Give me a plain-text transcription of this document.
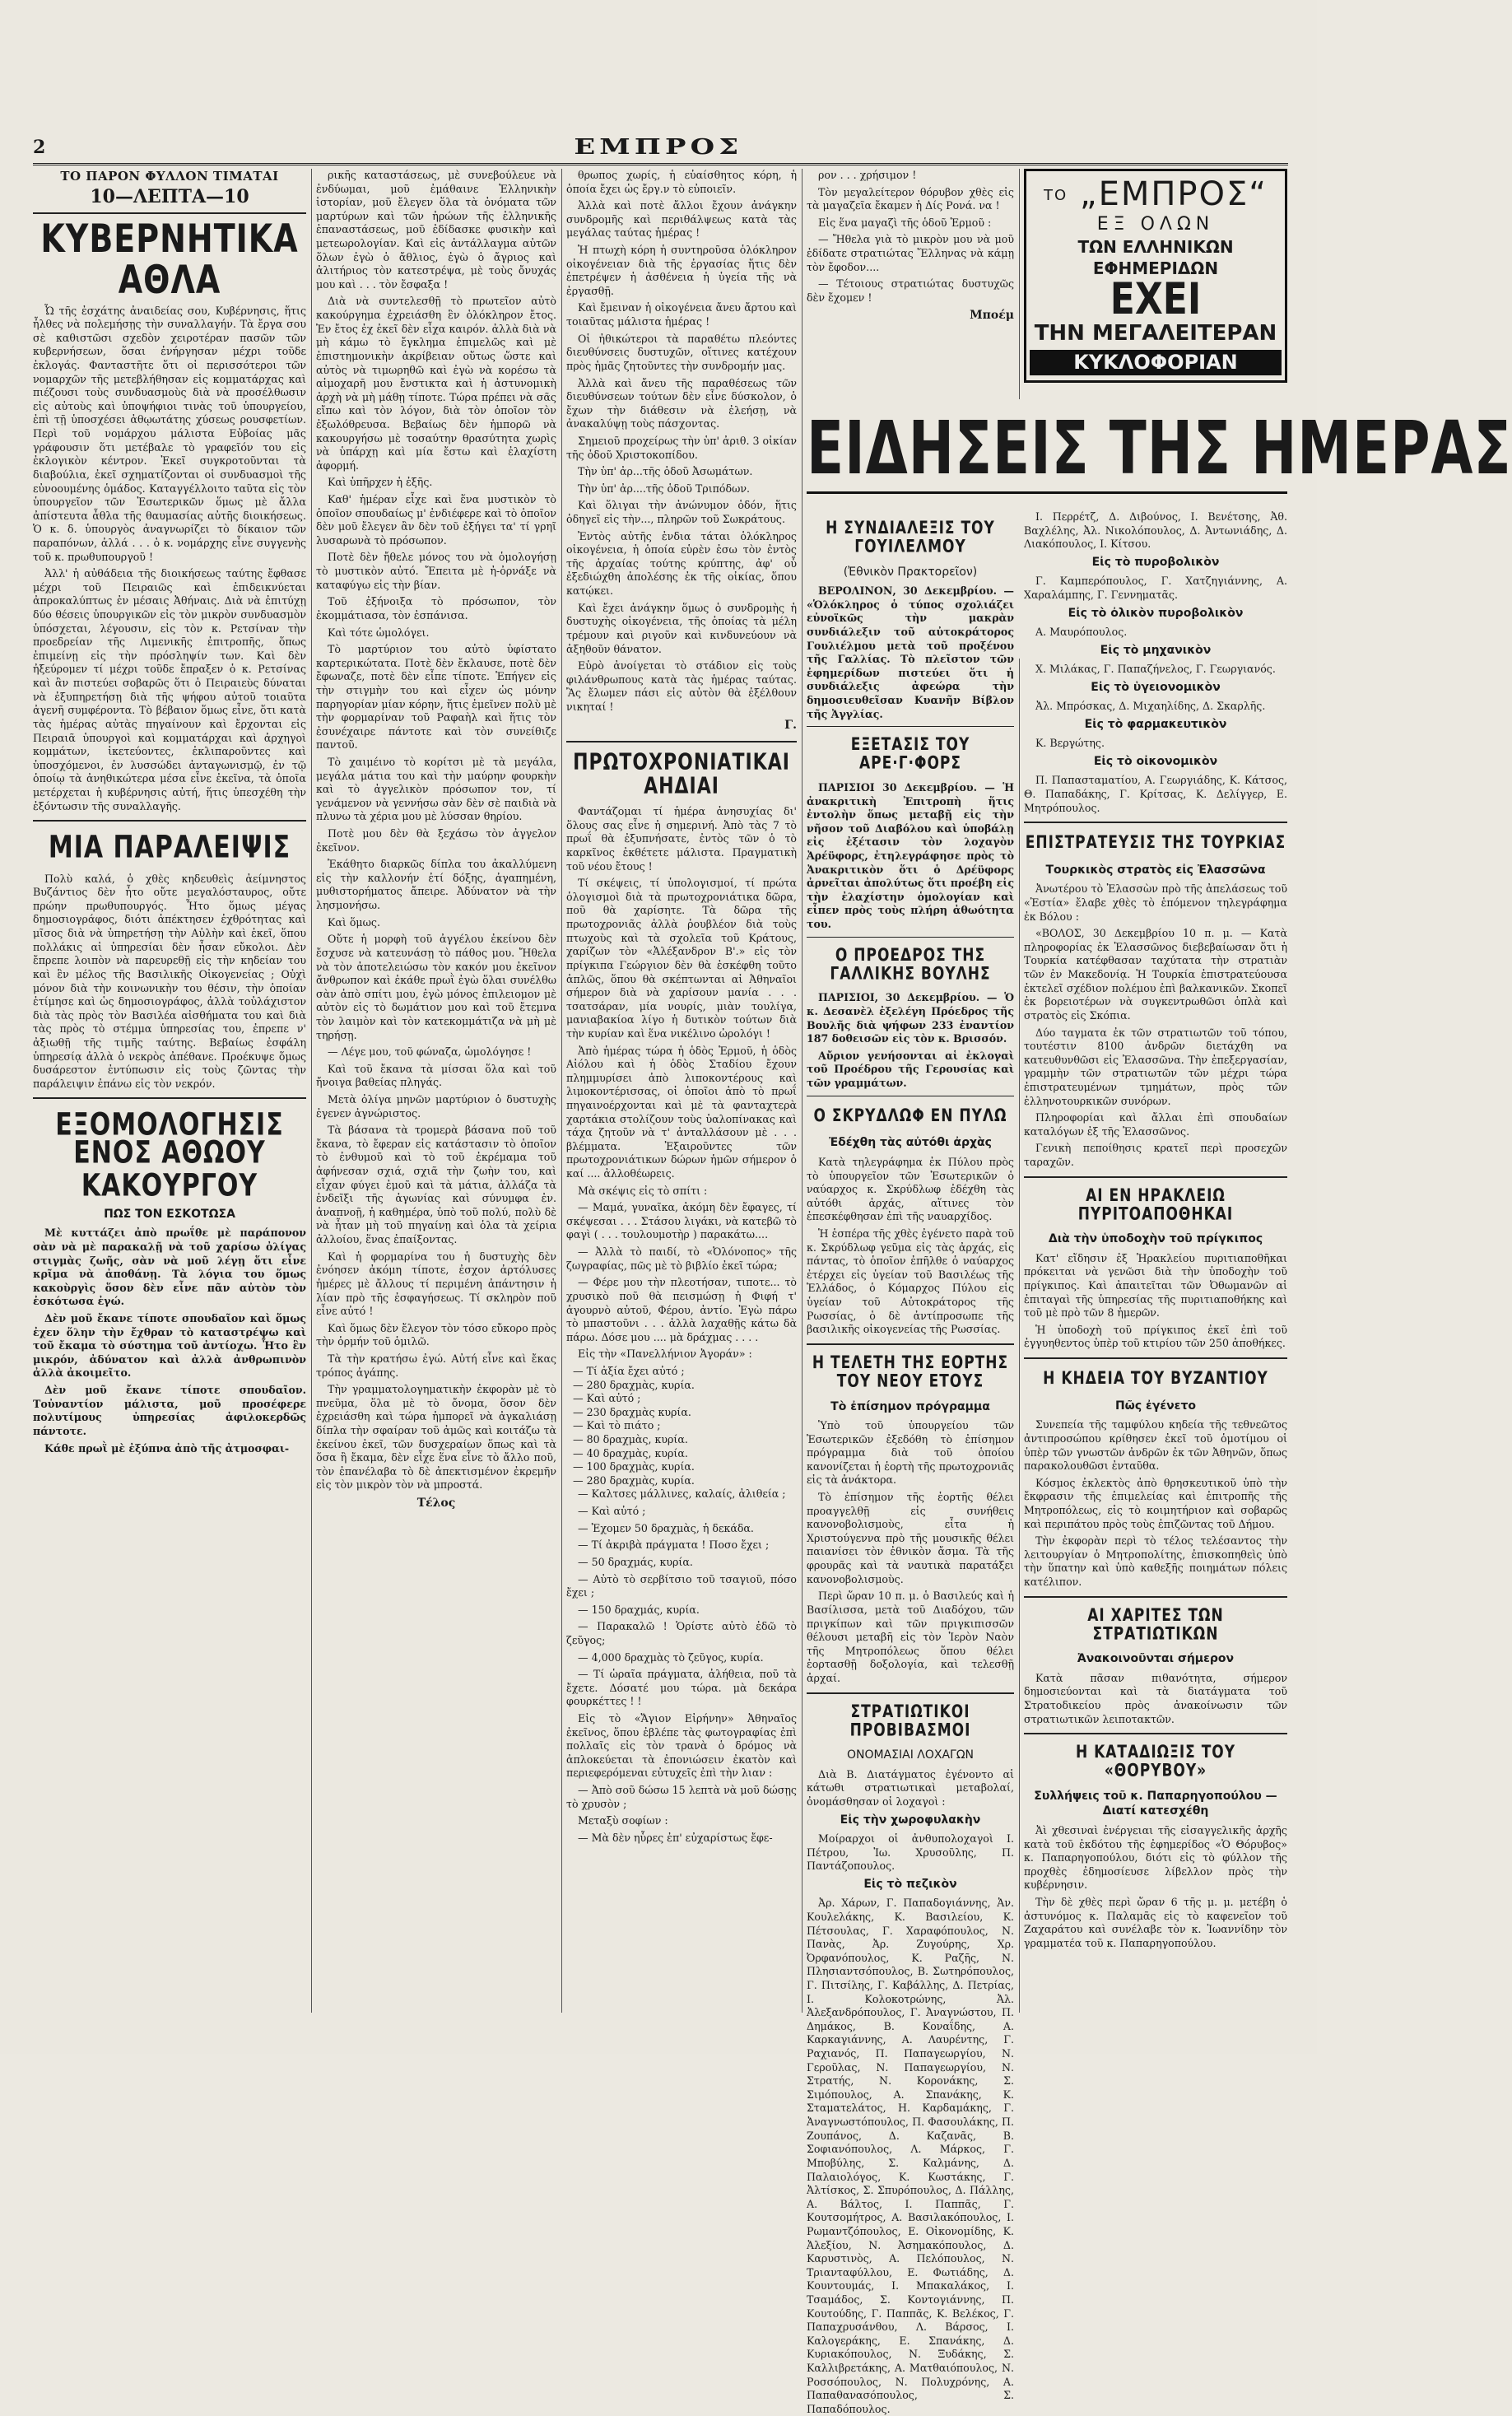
2	ΕΜΠΡΟΣ
ΤΟ ΠΑΡΟΝ ΦΥΛΛΟΝ ΤΙΜΑΤΑΙ
10—ΛΕΠΤΑ—10
ΚΥΒΕΡΝΗΤΙΚΑ ΑΘΛΑ

Ὦ τῆς ἐσχάτης ἀναιδείας σου, Κυβέρνησις, ἥτις ἦλθες νὰ πολεμήσῃς τὴν συναλλαγήν. Τὰ ἔργα σου σὲ καθιστῶσι σχεδὸν χειροτέραν πασῶν τῶν κυβερνήσεων, ὅσαι ἐνήργησαν μέχρι τοῦδε ἐκλογάς. Φανταστῆτε ὅτι οἱ περισσότεροι τῶν νομαρχῶν τῆς μετεβλήθησαν εἰς κομματάρχας καὶ πιέζουσι τοὺς συνδυασμοὺς διὰ νὰ προσέλθωσιν εἰς αὐτοὺς καὶ ὑποψήφιοι τινὰς τοῦ ὑπουργείου, ἐπὶ τῇ ὑποσχέσει ἀθῳωτάτης χύσεως ρουσφετίων. Περὶ τοῦ νομάρχου μάλιστα Εὐβοίας μᾶς γράφουσιν ὅτι μετέβαλε τὸ γραφεῖόν του εἰς ἐκλογικὸν κέντρον. Ἐκεῖ συγκροτοῦνται τὰ διαβούλια, ἐκεῖ σχηματίζονται οἱ συνδυασμοὶ τῆς εὐνοουμένης ὁμάδος. Καταγγέλλοιτο ταῦτα εἰς τὸν ὑπουργεῖον τῶν Ἐσωτερικῶν ὅμως μὲ ἄλλα ἀπίστευτα ἆθλα τῆς θαυμασίας αὐτῆς διοικήσεως. Ὁ κ. δ. ὑπουργὸς ἀναγνωρίζει τὸ δίκαιον τῶν παραπόνων, ἀλλά . . . ὁ κ. νομάρχης εἶνε συγγενὴς τοῦ κ. πρωθυπουργοῦ !

Ἀλλ' ἡ αὐθάδεια τῆς διοικήσεως ταύτης ἔφθασε μέχρι τοῦ Πειραιῶς καὶ ἐπιδεικνύεται ἀπροκαλύπτως ἐν μέσαις Ἀθήναις. Διὰ νὰ ἐπιτύχῃ δύο θέσεις ὑπουργικῶν εἰς τὸν μικρὸν συνδυασμὸν ὑπόσχεται, λέγουσιν, εἰς τὸν κ. Ρετσίναν τὴν προεδρείαν τῆς Λιμενικῆς ἐπιτροπῆς, ὅπως ἐπιμείνῃ εἰς τὴν πρόσληψίν των. Καὶ δὲν ἠξεύρομεν τί μέχρι τοῦδε ἔπραξεν ὁ κ. Ρετσίνας καὶ ἂν πιστεύει σοβαρῶς ὅτι ὁ Πειραιεὺς δύναται νὰ ἐξυπηρετήσῃ διὰ τῆς ψήφου αὐτοῦ τοιαῦτα ἀγενῆ συμφέροντα. Τὸ βέβαιον ὅμως εἶνε, ὅτι κατὰ τὰς ἡμέρας αὐτὰς πηγαίνουν καὶ ἔρχονται εἰς Πειραιᾶ ὑπουργοὶ καὶ κομματάρχαι καὶ ἀρχηγοὶ κομμάτων, ἱκετεύοντες, ἐκλιπαροῦντες καὶ ὑποσχόμενοι, ἐν λυσσώδει ἀνταγωνισμῷ, ἐν τῷ ὁποίῳ τὰ ἀνηθικώτερα μέσα εἶνε ἐκεῖνα, τὰ ὁποῖα μετέρχεται ἡ κυβέρνησις αὐτή, ἥτις ὑπεσχέθη τὴν ἐξόντωσιν τῆς συναλλαγῆς.

ΜΙΑ ΠΑΡΑΛΕΙΨΙΣ

Πολὺ καλά, ὁ χθὲς κηδευθεὶς ἀείμνηστος Βυζάντιος δὲν ἦτο οὔτε μεγαλόσταυρος, οὔτε πρώην πρωθυπουργός. Ἦτο ὅμως μέγας δημοσιογράφος, διότι ἀπέκτησεν ἐχθρότητας καὶ μῖσος διὰ νὰ ὑπηρετήσῃ τὴν Αὐλὴν καὶ ἐκεῖ, ὅπου πολλάκις αἱ ὑπηρεσίαι δὲν ἦσαν εὔκολοι. Δὲν ἔπρεπε λοιπὸν νὰ παρευρεθῇ εἰς τὴν κηδείαν του καὶ ἓν μέλος τῆς Βασιλικῆς Οἰκογενείας ; Οὐχὶ μόνον διὰ τὴν κοινωνικὴν του θέσιν, τὴν ὁποίαν ἐτίμησε καὶ ὡς δημοσιογράφος, ἀλλὰ τοὐλάχιστον διὰ τὰς πρὸς τὸν Βασιλέα αἰσθήματα του καὶ διὰ τὰς πρὸς τὸ στέμμα ὑπηρεσίας του, ἐπρεπε ν' ἀξιωθῇ τῆς τιμῆς ταύτης. Βεβαίως ἐσφάλη ὑπηρεσίᾳ ἀλλὰ ὁ νεκρὸς ἀπέθανε. Προέκυψε ὅμως δυσάρεστον ἐντύπωσιν εἰς τοὺς ζῶντας τὴν παράλειψιν ἐπάνω εἰς τὸν νεκρόν.

ΕΞΟΜΟΛΟΓΗΣΙΣ
ΕΝΟΣ ΑΘΩΟΥ ΚΑΚΟΥΡΓΟΥ
ΠΩΣ ΤΟΝ ΕΣΚΟΤΩΣΑ

Μὲ κυττάζει ἀπὸ πρωΐθε μὲ παράπονον σὰν νὰ μὲ παρακαλῇ νὰ τοῦ χαρίσω ὀλίγας στιγμὰς ζωῆς, σὰν νὰ μοῦ λέγῃ ὅτι εἶνε κρῖμα νὰ ἀποθάνῃ. Τὰ λόγια του ὅμως κακοὺργὶς ὅσον δὲν εἶνε πᾶν αὐτὸν τὸν ἐσκότωσα ἐγώ.

Δὲν μοῦ ἔκανε τίποτε σπουδαῖον καὶ ὅμως ἐχεν ὅλην τὴν ἔχθραν τὸ καταστρέψω καὶ τοῦ ἔκαμα τὸ σύστημα τοῦ ἀντίοχω. Ἦτο ἓν μικρόν, ἀδύνατον καὶ ἀλλὰ ἀνθρωπινὸν ἀλλὰ ἀκοιμεῖτο.

Δὲν μοῦ ἔκανε τίποτε σπουδαῖον. Τοὐναντίον μάλιστα, μοῦ προσέφερε πολυτίμους ὑπηρεσίας ἀφιλοκερδῶς πάντοτε.

Κάθε πρωῒ μὲ ἐξύπνα ἀπὸ τῆς ἀτμοσφαι-

ρικῆς καταστάσεως, μὲ συνεβούλευε νὰ ἐνδύωμαι, μοῦ ἐμάθαινε Ἑλληνικὴν ἱστορίαν, μοῦ ἔλεγεν ὅλα τὰ ὀνόματα τῶν μαρτύρων καὶ τῶν ἡρώων τῆς ἑλληνικῆς ἐπαναστάσεως, μοῦ ἐδίδασκε φυσικὴν καὶ μετεωρολογίαν. Καὶ εἰς ἀντάλλαγμα αὐτῶν ὅλων ἐγὼ ὁ ἄθλιος, ἐγὼ ὁ ἄγριος καὶ ἀλιτήριος τὸν κατεστρέψα, μὲ τοὺς ὄνυχάς μου καὶ . . . τὸν ἔσφαξα !

Διὰ νὰ συντελεσθῇ τὸ πρωτεῖον αὐτὸ κακούργημα ἐχρειάσθη ἓν ὁλόκληρον ἔτος. Ἐν ἔτος ἐχ ἐκεῖ δὲν εἶχα καιρόν. ἀλλὰ διὰ νὰ μὴ κάμω τὸ ἔγκλημα ἐπιμελῶς καὶ μὲ ἐπιστημονικὴν ἀκρίβειαν οὕτως ὥστε καὶ αὐτὸς νὰ τιμωρηθῶ καὶ ἐγὼ νὰ κορέσω τὰ αἱμοχαρῆ μου ἔνστικτα καὶ ἡ ἀστυνομικὴ ἀρχὴ νὰ μὴ μάθῃ τίποτε. Τώρα πρέπει νὰ σᾶς εἴπω καὶ τὸν λόγον, διὰ τὸν ὁποῖον τὸν ἐξωλόθρευσα. Βεβαίως δὲν ἡμπορῶ νὰ κακουργήσω μὲ τοσαύτην θρασύτητα χωρὶς νὰ ὑπάρχῃ καὶ μία ἔστω καὶ ἐλαχίστη ἀφορμή.

Καὶ ὑπῆρχεν ἡ ἐξῆς.

Καθ' ἡμέραν εἶχε καὶ ἕνα μυστικὸν τὸ ὁποῖον σπουδαίως μ' ἐνδιέφερε καὶ τὸ ὁποῖον δὲν μοῦ ἔλεγεν ἂν δὲν τοῦ ἐξήγει τα' τί γρηῖ λυσαρωνὰ τὸ πρόσωπον.

Ποτὲ δὲν ἤθελε μόνος του νὰ ὁμολογήσῃ τὸ μυστικὸν αὐτό. Ἔπειτα μὲ ἠ-ὀρνάξε νὰ καταφύγω εἰς τὴν βίαν.

Τοῦ ἐξήνοιξα τὸ πρόσωπον, τὸν ἐκομμάτιασα, τὸν ἐσπάνισα.

Καὶ τότε ὡμολόγει.

Τὸ μαρτύριον του αὐτὸ ὑφίστατο καρτερικώτατα. Ποτὲ δὲν ἔκλαυσε, ποτὲ δὲν ἔφωναζε, ποτὲ δὲν εἶπε τίποτε. Ἐπήγεν εἰς τὴν στιγμὴν του καὶ εἶχεν ὡς μόνην παρηγορίαν μίαν κόρην, ἥτις ἐμεῖνεν πολὺ μὲ τὴν φορμαρίναν τοῦ Ραφαὴλ καὶ ἥτις τὸν ἐσυνέχαιρε πάντοτε καὶ τὸν συνείθιζε παντοῦ.

Τὸ χαιμέινο τὸ κορίτσι μὲ τὰ μεγάλα, μεγάλα μάτια του καὶ τὴν μαύρην φουρκὴν καὶ τὸ ἀγγελικὸν πρόσωπον τον, τί γενάμενον νὰ γεννήσω σὰν δὲν σὲ παιδιὰ νὰ πλυνω τὰ χέρια μου μὲ λύσσαν θηρίου.

Ποτὲ μου δὲν θὰ ξεχάσω τὸν ἀγγελον ἐκεῖνον.

Ἐκάθητο διαρκῶς δίπλα του ἀκαλλύμενη εἰς τὴν καλλονήν ἐτί δόξης, ἀγαπημένη, μυθιστορήματος ἄπειρε. Ἀδύνατον νὰ τὴν λησμονήσω.

Καὶ ὅμως.

Οὔτε ἡ μορφὴ τοῦ ἀγγέλου ἐκείνου δὲν ἔσχυσε νὰ κατευνάσῃ τὸ πάθος μου. Ἤθελα νὰ τὸν ἀποτελειώσω τὸν κακόν μου ἐκεῖνον ἄνθρωπον καὶ ἐκάθε πρωῒ ἐγὼ ὅλαι συνέλθω σὰν ἀπὸ σπίτι μου, ἐγὼ μόνος ἐπιλειομον μὲ αὐτὸν εἰς τὸ δωμάτιον μου καὶ τοῦ ἔτεμνα τὸν λαιμὸν καὶ τὸν κατεκομμάτιζα νὰ μὴ μὲ τηρήσῃ.

— Λέγε μου, τοῦ φώναζα, ὡμολόγησε !

Καὶ τοῦ ἔκανα τὰ μίσσαι ὅλα καὶ τοῦ ἤνοιγα βαθείας πληγάς.

Μετὰ ὀλίγα μηνῶν μαρτύριον ὁ δυστυχὴς ἐγενεν ἀγνώριστος.

Τὰ βάσανα τὰ τρομερὰ βάσανα ποῦ τοῦ ἔκανα, τὸ ἔφεραν εἰς κατάστασιν τὸ ὁποῖον τὸ ἐνθυμοῦ καὶ τὸ τοῦ ἐκρέμαμα τοῦ ἀφήνεσαν σχιά, σχιᾶ τὴν ζωὴν του, καὶ εἶχαν φύγει ἐμοῦ καὶ τὰ μάτια, ἀλλάζα τὰ ἐνδεῖξι τῆς ἀγωνίας καὶ σύνυμφα ἐν. ἀναπνοῇ, ἡ καθημέρα, ὑπὸ τοῦ πολύ, πολὺ δὲ νὰ ἦταν μὴ τοῦ πηγαίνῃ καὶ ὁλα τὰ χείρια ἀλλοίου, ἕνας ἐπαίξοντας.

Καὶ ἡ φορμαρίνα του ἡ δυστυχὴς δὲν ἐνόησεν ἀκόμη τίποτε, ἐσχον ἀρτόλυσες ἡμέρες μὲ ἄλλους τί περιμένη ἀπάντησιν ἡ λίαν πρὸ τῆς ἐσφαγήσεως. Τί σκληρὸν ποῦ εἶνε αὐτό !

Καὶ ὅμως δὲν ἔλεγον τὸν τόσο εὔκορο πρὸς τὴν ὁρμήν τοῦ ὁμιλῶ.

Τὰ τὴν κρατήσω ἐγώ. Αὐτή εἶνε καὶ ἔκας τρόπος ἀγάπης.

Τὴν γραμματολογηματικὴν ἐκφορὰν μὲ τὸ πνεῦμα, ὅλα μὲ τὸ ὄνομα, ὅσον δὲν ἐχρειάσθη καὶ τώρα ἡμπορεῖ νὰ ἀγκαλιάσῃ δίπλα τὴν σφαίραν τοῦ ἀμῶς καὶ κοιτάζω τὰ ἐκείνου ἐκεῖ, τῶν δυσχεραίων ὅπως καὶ τὰ ὅσα ἢ ἔκαμα, δὲν εἶχε ἕνα εἶνε τὸ ἄλλο ποῦ, τὸν ἐπανέλαβα τὸ δὲ ἀπεκτισμένον ἐκρεμῆν εἰς τὸν μικρὸν τὸν νὰ μπροστά.

Τέλος

θρωπος χωρίς, ἡ εὐαίσθητος κόρη, ἡ ὁποία ἔχει ὡς ἔργ.ν τὸ εὐποιεῖν.

Ἀλλὰ καὶ ποτὲ ἄλλοι ἔχουν ἀνάγκην συνδρομῆς καὶ περιθάλψεως κατὰ τὰς μεγάλας ταύτας ἡμέρας !

Ἡ πτωχὴ κόρη ἡ συντηροῦσα ὁλόκληρον οἰκογένειαν διὰ τῆς ἐργασίας ἥτις δὲν ἐπετρέψεν ἡ ἀσθένεια ἡ ὑγεία τῆς νὰ ἐργασθῇ.

Καὶ ἔμειναν ἡ οἰκογένεια ἄνευ ἄρτου καὶ τοιαῦτας μάλιστα ἡμέρας !

Οἱ ἠθικώτεροι τὰ παραθέτω πλεόντες διευθύνσεις δυστυχῶν, οἵτινες κατέχουν πρὸς ἡμᾶς ζητοῦντες τὴν συνδρομήν μας.

Ἀλλὰ καὶ ἄνευ τῆς παραθέσεως τῶν διευθύνσεων τούτων δὲν εἶνε δύσκολον, ὁ ἔχων τὴν διάθεσιν νὰ ἐλεήσῃ, νὰ ἀνακαλύψῃ τοὺς πάσχοντας.

Σημειοῦ προχείρως τὴν ὑπ' ἀριθ. 3 οἰκίαν τῆς ὁδοῦ Χριστοκοπίδου.

Τὴν ὑπ' ἀρ...τῆς ὁδοῦ Ἀσωμάτων.

Τὴν ὑπ' ἀρ....τῆς ὁδοῦ Τριπόδων.

Καὶ ὅλιγαι τὴν ἀνώνυμον ὁδόν, ἥτις ὁδηγεῖ εἰς τὴν..., πληρῶν τοῦ Σωκράτους.

Ἐντὸς αὐτῆς ἐνδια τάται ὁλόκληρος οἰκογένεια, ἡ ὁποία εὑρὲν ἐσω τὸν ἐντὸς τῆς ἀρχαίας τούτης κρύπτης, ἀφ' οὗ ἐξεδιώχθη ἀπολέσης ἐκ τῆς οἰκίας, ὅπου κατῴκει.

Καὶ ἔχει ἀνάγκην ὅμως ὁ συνδρομὴς ἡ δυστυχὴς οἰκογένεια, τῆς ὁποίας τὰ μέλη τρέμουν καὶ ριγοῦν καὶ κινδυνεύουν νὰ ἀξηθοῦν θάνατον.

Εὑρὸ ἀνοίγεται τὸ στάδιον εἰς τοὺς φιλάνθρωπους κατὰ τὰς ἡμέρας ταύτας. Ἂς ἔλωμεν πάσι εἰς αὐτὸν θὰ ἐξέλθουν νικηταί !

Γ.
ΠΡΩΤΟΧΡΟΝΙΑΤΙΚΑΙ ΑΗΔΙΑΙ

Φαντάζομαι τί ἡμέρα ἀνησυχίας δι' ὅλους σας εἶνε ἡ σημερινή. Ἀπὸ τὰς 7 τὸ πρωΐ θὰ ἐξυπνήσατε, ἐντὸς τῶν ὁ τὸ καρκῖνος ἐκθέτετε μάλιστα. Πραγματικὴ τοῦ νέου ἔτους !

Τί σκέψεις, τί ὑπολογισμοί, τί πρώτα ὁλογισμοὶ διὰ τὰ πρωτοχρονιάτικα δῶρα, ποῦ θὰ χαρίσητε. Τὰ δῶρα τῆς πρωτοχρονιᾶς ἀλλὰ ῥουβλέον διὰ τοὺς πτωχοὺς καὶ τὰ σχολεῖα τοῦ Κράτους, χαρίζων τὸν «Ἀλέξανδρον Β'.» εἰς τὸν πρίγκιπα Γεώργιον δὲν θὰ ἐσκέφθη τοῦτο ἀπλῶς, ὅπου θὰ σκέπτωνται αἱ Ἀθηναῖοι σήμερον διὰ νὰ χαρίσουν μανία . . . τσατσάραν, μία νουρίς, μιὰν τουλίγα, μανιαβακίοα λίγο ἡ δυτικὸν τούτων διὰ τὴν κυρίαν καὶ ἕνα νικέλινο ὠρολόγι !

Ἀπὸ ἡμέρας τώρα ἡ ὁδὸς Ἑρμοῦ, ἡ ὁδὸς Αἰόλου καὶ ἡ ὁδὸς Σταδίου ἔχουν πλημμυρίσει ἀπὸ λιποκοντέρους καὶ λιμοκοντέρισσας, οἱ ὁποῖοι ἀπὸ τὸ πρωΐ πηγαινοέρχονται καὶ μὲ τὰ φανταχτερὰ χαρτάκια στολίζουν τοὺς ὑαλοπίνακας καὶ τάχα ζητοῦν νὰ τ' ἀνταλλάσουν μὲ . . . βλέμματα. Ἐξαιροῦντες τῶν πρωτοχρονιάτικων δώρων ἡμῶν σήμερον ὁ καί .... ἀλλοθέωρεις.

Μὰ σκέψις εἰς τὸ σπίτι :

— Μαμά, γυναῖκα, ἀκόμη δὲν ἔφαγες, τί σκέψεσαι . . . Στάσου λιγάκι, νὰ κατεβῶ τὸ φαγὶ ( . . . τουλουμοτὴρ ) παρακάτω....

— Ἀλλὰ τὸ παιδί, τὸ «Ὀλόνοπος» τῆς ζωγραφίας, πῶς μὲ τὸ βιβλίο ἐκεῖ τώρα;

— Φέρε μου τὴν πλεοτήσαν, τιποτε... τὸ χρυσικὸ ποῦ θὰ πεισμώσῃ ἡ Φιφή τ' ἀγουρνὸ αὐτοῦ, Φέρου, ἀντίο. Ἐγὼ πάρω τὸ μπαστοῦνι . . . ἀλλὰ λαχαθῇς κάτω δὰ πάρω. Δόσε μου .... μὰ δράχμας . . . .

Εἰς τὴν «Πανελλήνιον Ἀγοράν» :

— Τί ἀξία ἔχει αὐτό ;
— 280 δραχμὰς, κυρία.
— Καὶ αὐτό ;
— 230 δραχμὰς κυρία.
— Καὶ τὸ πιάτο ;
— 80 δραχμὰς, κυρία.
— 40 δραχμὰς, κυρία.
— 100 δραχμὰς, κυρία.
— 280 δραχμὰς, κυρία.

— Καλτσες μάλλινες, καλαίς, ἀλιθεία ;

— Καὶ αὐτό ;

— Ἐχομεν 50 δραχμὰς, ἡ δεκάδα.

— Τί ἀκριβὰ πράγματα ! Ποσο ἔχει ;

— 50 δραχμάς, κυρία.

— Αὐτὸ τὸ σερβίτσιο τοῦ τσαγιοῦ, πόσο ἔχει ;

— 150 δραχμάς, κυρία.

— Παρακαλῶ ! Ὁρίστε αὐτὸ ἐδῶ τὸ ζεῦγος;

— 4,000 δραχμὰς τὸ ζεῦγος, κυρία.

— Τί ὡραῖα πράγματα, ἀλήθεια, ποῦ τὰ ἔχετε. Δόσατέ μου τώρα. μὰ δεκάρα φουρκέττες ! !

Εἰς τὸ «Ἄγιον Εἰρήνην» Ἀθηναῖος ἐκεῖνος, ὅπου ἐβλέπε τὰς φωτογραφίας ἐπὶ πολλαῖς εἰς τὸν τρανὰ ὁ δρόμος νὰ ἀπλοκεύεται τὰ ἐπονιώσειν ἐκατὸν καὶ περιεφερόμεναι εὐτυχεῖς ἐπὶ τὴν λιαν :

— Ἀπὸ σοῦ δώσω 15 λεπτὰ νὰ μοῦ δώσῃς τὸ χρυσὸν ;

Μεταξὺ σοφίων :

— Μὰ δὲν ηὗρες ἐπ' εὐχαρίστως ἔφε-

ρον . . . χρήσιμον !

Τὸν μεγαλείτερον θόρυβον χθὲς εἰς τὰ μαγαζεῖα ἔκαμεν ἡ Δίς Ρονά. να !

Εἰς ἕνα μαγαζὶ τῆς ὁδοῦ Ἑρμοῦ :

— Ἤθελα γιὰ τὸ μικρὸν μου νὰ μοῦ ἐδίδατε στρατιώτας Ἕλληνας νὰ κάμῃ τὸν ἔφοδον....

— Τέτοιους στρατιώτας δυστυχῶς δὲν ἔχομεν !

Μποέμ
ΤΟ „ΕΜΠΡΟΣ“
ΕΞ ΟΛΩΝ
ΤΩΝ ΕΛΛΗΝΙΚΩΝ ΕΦΗΜΕΡΙΔΩΝ
ΕΧΕΙ
ΤΗΝ ΜΕΓΑΛΕΙΤΕΡΑΝ
ΚΥΚΛΟΦΟΡΙΑΝ
ΕΙΔΗΣΕΙΣ ΤΗΣ ΗΜΕΡΑΣ
Η ΣΥΝΔΙΑΛΕΞΙΣ ΤΟΥ ΓΟΥΙΛΕΛΜΟΥ
(Ἐθνικὸν Πρακτορεῖον)

ΒΕΡΟΛΙΝΟΝ, 30 Δεκεμβρίου. — «Ὁλόκληρος ὁ τύπος σχολιάζει εὐνοϊκῶς τὴν μακρὰν συνδιάλεξιν τοῦ αὐτοκράτορος Γουλιέλμου μετὰ τοῦ προξένου τῆς Γαλλίας. Τὸ πλεῖστον τῶν ἐφημερίδων πιστεύει ὅτι ἡ συνδιάλεξις ἀφεώρα τὴν δημοσιευθεῖσαν Κυανῆν Βίβλον τῆς Ἀγγλίας.

ΕΞΕΤΑΣΙΣ ΤΟΥ ΑΡΕ·Γ·ΦΟΡΣ

ΠΑΡΙΣΙΟΙ 30 Δεκεμβρίου. — Ἡ ἀνακριτικὴ Ἐπιτροπὴ ἥτις ἐντολὴν ὅπως μεταβῇ εἰς τὴν νῆσον τοῦ Διαβόλου καὶ ὑποβάλῃ εἰς ἐξέτασιν τὸν λοχαγὸν Ἀρέϋφορς, ἐτηλεγράφησε πρὸς τὸ Ἀνακριτικὸν ὅτι ὁ Δρέϋφορς ἀρνεῖται ἀπολύτως ὅτι προέβη εἰς τὴν ἐλαχίστην ὁμολογίαν καὶ εἶπεν πρὸς τοὺς πλήρη ἀθωότητα του.

Ο ΠΡΟΕΔΡΟΣ ΤΗΣ ΓΑΛΛΙΚΗΣ ΒΟΥΛΗΣ

ΠΑΡΙΣΙΟΙ, 30 Δεκεμβρίου. — Ὁ κ. Δεσανὲλ ἐξελέγη Πρόεδρος τῆς Βουλῆς διὰ ψήφων 233 ἐναντίον 187 δοθεισῶν εἰς τὸν κ. Βρισσόν.

Αὔριον γενήσονται αἱ ἐκλογαὶ τοῦ Προέδρου τῆς Γερουσίας καὶ τῶν γραμμάτων.

Ο ΣΚΡΥΔΛΩΦ ΕΝ ΠΥΛΩ
Ἐδέχθη τὰς αὐτόθι ἀρχὰς

Κατὰ τηλεγράφημα ἐκ Πύλου πρὸς τὸ ὑπουργεῖον τῶν Ἐσωτερικῶν ὁ ναύαρχος κ. Σκρύδλωφ ἐδέχθη τὰς αὐτόθι ἀρχάς, αἵτινες τὸν ἐπεσκέφθησαν ἐπὶ τῆς ναυαρχίδος.

Ἡ ἑσπέρα τῆς χθὲς ἐγένετο παρὰ τοῦ κ. Σκρύδλωφ γεῦμα εἰς τὰς ἀρχάς, εἰς πάντας, τὸ ὁποῖον ἐπῆλθε ὁ ναύαρχος ἐτέρχει εἰς ὑγείαν τοῦ Βασιλέως τῆς Ἑλλάδος, ὁ Κόμαρχος Πύλου εἰς ὑγείαν τοῦ Αὐτοκράτορος τῆς Ρωσσίας, ὁ δὲ ἀντίπροσωπε τῆς βασιλικῆς οἰκογενείας τῆς Ρωσσίας.

Η ΤΕΛΕΤΗ ΤΗΣ ΕΟΡΤΗΣ ΤΟΥ ΝΕΟΥ ΕΤΟΥΣ
Τὸ ἐπίσημον πρόγραμμα

Ὑπὸ τοῦ ὑπουργείου τῶν Ἐσωτερικῶν ἐξεδόθη τὸ ἐπίσημον πρόγραμμα διὰ τοῦ ὁποίου κανονίζεται ἡ ἑορτὴ τῆς πρωτοχρονιᾶς εἰς τὰ ἀνάκτορα.

Τὸ ἐπίσημον τῆς ἑορτῆς θέλει προαγγελθῇ εἰς συνήθεις κανονοβολισμοὺς, εἶτα ἡ Χριστούγεννα πρὸ τῆς μουσικῆς θέλει παιανίσει τὸν ἐθνικὸν ἄσμα. Τὰ τῆς φρουρᾶς καὶ τὰ ναυτικὰ παρατάξει κανονοβολισμοὺς.

Περὶ ὥραν 10 π. μ. ὁ Βασιλεύς καὶ ἡ Βασίλισσα, μετὰ τοῦ Διαδόχου, τῶν πριγκίπων καὶ τῶν πριγκιπισσῶν θέλουσι μεταβῆ εἰς τὸν Ἱερὸν Ναὸν τῆς Μητροπόλεως ὅπου θέλει ἑορτασθῇ δοξολογία, καὶ τελεσθῇ ἀρχαί.

ΣΤΡΑΤΙΩΤΙΚΟΙ ΠΡΟΒΙΒΑΣΜΟΙ
ΟΝΟΜΑΣΙΑΙ ΛΟΧΑΓΩΝ

Διὰ Β. Διατάγματος ἐγένοντο αἱ κάτωθι στρατιωτικαὶ μεταβολαί, ὀνομάσθησαν οἱ λοχαγοὶ :

Εἰς τὴν χωροφυλακὴν

Μοίραρχοι οἱ ἀνθυπολοχαγοὶ Ι. Πέτρου, Ἰω. Χρυσοῦλης, Π. Παντάζοπουλος.

Εἰς τὸ πεζικὸν

Ἀρ. Χάρων, Γ. Παπαδογιάννης, Ἀν. Κουλελάκης, Κ. Βασιλείου, Κ. Πέτσουλας, Γ. Χαραφόπουλος, Ν. Πανὰς, Ἀρ. Ζυγούρης, Χρ. Ὀρφανόπουλος, Κ. Ραζῆς, Ν. Πλησιαντσόπουλος, Β. Σωτηρόπουλος, Γ. Πιτσίλης, Γ. Καβάλλης, Δ. Πετρίας, Ι. Κολοκοτρώνης, Ἀλ. Ἀλεξανδρόπουλος, Γ. Ἀναγνώστου, Π. Δημάκος, Β. Κοναΐδης, Α. Καρκαγιάννης, Α. Λαυρέντης, Γ. Ραχιανός, Π. Παπαγεωργίου, Ν. Γεροῦλας, Ν. Παπαγεωργίου, Ν. Στρατής, Ν. Κορονάκης, Σ. Σιμόπουλος, Α. Σπανάκης, Κ. Σταματελάτος, Η. Καρδαμάκης, Γ. Ἀναγνωστόπουλος, Π. Φασουλάκης, Π. Ζουπάνος, Δ. Καζανᾶς, Β. Σοφιανόπουλος, Λ. Μάρκος, Γ. Μποβύλης, Σ. Καλμάνης, Δ. Παλαιολόγος, Κ. Κωστάκης, Γ. Ἀλτίσκος, Σ. Σπυρόπουλος, Δ. Πάλλης, Α. Βάλτος, Ι. Παππᾶς, Γ. Κουτσομήτρος, Α. Βασιλακόπουλος, Ι. Ρωμαντζόπουλος, Ε. Οἰκονομίδης, Κ. Ἀλεξίου, Ν. Ἀσημακόπουλος, Δ. Καρυστινὸς, Α. Πελόπουλος, Ν. Τριανταφύλλου, Ε. Φωτιάδης, Δ. Κουντουμάς, Ι. Μπακαλάκος, Ι. Τσαμάδος, Σ. Κοντογιάννης, Π. Κουτούδης, Γ. Παππᾶς, Κ. Βελέκος, Γ. Παπαχρυσάνθου, Λ. Βάρσος, Ι. Καλογεράκης, Ε. Σπανάκης, Δ. Κυριακόπουλος, Ν. Ξυδάκης, Σ. Καλλιβρετάκης, Α. Ματθαιόπουλος, Ν. Ροσσόπουλος, Ν. Πολυχρόνης, Α. Παπαθανασόπουλος, Σ. Παπαδόπουλος.

Ι. Περρέτζ, Δ. Διβούνος, Ι. Βενέτσης, Ἀθ. Βαχλέλης, Ἀλ. Νικολόπουλος, Δ. Ἀντωνιάδης, Δ. Λιακόπουλος, Ι. Κίτσου.

Εἰς τὸ πυροβολικὸν

Γ. Καμπερόπουλος, Γ. Χατζηγιάννης, Α. Χαραλάμπης, Γ. Γεννηματᾶς.

Εἰς τὸ ὀλικὸν πυροβολικὸν

Α. Μαυρόπουλος.

Εἰς τὸ μηχανικὸν

Χ. Μιλάκας, Γ. Παπαζήνελος, Γ. Γεωργιανός.

Εἰς τὸ ὑγειονομικὸν

Ἀλ. Μπρόσκας, Δ. Μιχαηλίδης, Δ. Σκαρλῆς.

Εἰς τὸ φαρμακευτικὸν

Κ. Βεργώτης.

Εἰς τὸ οἰκονομικὸν

Π. Παπασταματίου, Α. Γεωργιάδης, Κ. Κάτσος, Θ. Παπαδάκης, Γ. Κρίτσας, Κ. Δελίγγερ, Ε. Μητρόπουλος.

ΕΠΙΣΤΡΑΤΕΥΣΙΣ ΤΗΣ ΤΟΥΡΚΙΑΣ
Τουρκικὸς στρατὸς εἰς Ἐλασσῶνα

Ἀνωτέρου τὸ Ἐλασσὼν πρὸ τῆς ἀπελάσεως τοῦ «Ἐστία» ἔλαβε χθὲς τὸ ἑπόμενον τηλεγράφημα ἐκ Βόλου :

«ΒΟΛΟΣ, 30 Δεκεμβρίου 10 π. μ. — Κατὰ πληροφορίας ἐκ Ἐλασσῶνος διεβεβαίωσαν ὅτι ἡ Τουρκία κατέφθασαν ταχύτατα τὴν στρατιὰν τῶν ἐν Μακεδονίᾳ. Ἡ Τουρκία ἐπιστρατεύουσα ἐκτελεῖ σχέδιον πολέμου ἐπὶ βαλκανικῶν. Σκοπεῖ ἐκ βορειοτέρων νὰ συγκεντρωθῶσι ὁπλὰ καὶ στρατὸς εἰς Σκόπια.

Δύο ταγματα ἐκ τῶν στρατιωτῶν τοῦ τόπου, τουτέστιν 8100 ἀνδρῶν διετάχθη να κατευθυνθῶσι εἰς Ἐλασσῶνα. Τὴν ἐπεξεργασίαν, γραμμὴν τῶν στρατιωτῶν τῶν μέχρι τώρα ἐπιστρατευμένων τμημάτων, πρὸς τῶν ἐλληνοτουρκικῶν συνόρων.

Πληροφορίαι καὶ ἄλλαι ἐπὶ σπουδαίων καταλόγων ἐξ τῆς Ἐλασσῶνος.

Γενικὴ πεποίθησις κρατεῖ περὶ προσεχῶν ταραχῶν.

ΑΙ ΕΝ ΗΡΑΚΛΕΙΩ ΠΥΡΙΤΟΑΠΟΘΗΚΑΙ
Διὰ τὴν ὑποδοχὴν τοῦ πρίγκιπος

Κατ' εἴδησιν ἐξ Ἡρακλείου πυριτιαποθῆκαι πρόκειται νὰ γενῶσι διὰ τὴν ὑποδοχὴν τοῦ πρίγκιπος. Καὶ ἀπαιτεῖται τῶν Ὀθωμανῶν αἱ ἐπιταγαὶ τῆς ὑπηρεσίας τῆς πυριτιαποθήκης καὶ τοῦ μὲ πρὸ τῶν 8 ἡμερῶν.

Ἡ ὑποδοχὴ τοῦ πρίγκιπος ἐκεῖ ἐπὶ τοῦ ἐγγυηθεντος ὑπὲρ τοῦ κτιρίου τῶν 250 ἀποθήκες.

Η ΚΗΔΕΙΑ ΤΟΥ ΒΥΖΑΝΤΙΟΥ
Πῶς ἐγένετο

Συνεπεία τῆς ταμφύλου κηδεία τῆς τεθνεῶτος ἀντιπροσώπου κρίθησεν ἐκεῖ τοῦ ὁμοτίμου οἱ ὑπὲρ τῶν γνωστῶν ἀνδρῶν ἐκ τῶν Ἀθηνῶν, ὅπως παρακολουθῶσι ἐνταῦθα.

Κόσμος ἐκλεκτὸς ἀπὸ θρησκευτικοῦ ὑπὸ τὴν ἔκφρασιν τῆς ἐπιμελείας καὶ ἐπιτροπῆς τῆς Μητροπόλεως, εἰς τὸ κοιμητήριον καὶ σοβαρῶς καὶ περιπάτου πρὸς τοὺς ἐπιζῶντας τοῦ Δήμου.

Τὴν ἐκφορὰν περὶ τὸ τέλος τελέσαντος τὴν λειτουργίαν ὁ Μητροπολίτης, ἐπισκοπηθεὶς ὑπὸ τὴν ὕπατην καὶ ὑπὸ καθεξῆς ποιημάτων πόλεις κατέλιπον.

ΑΙ ΧΑΡΙΤΕΣ ΤΩΝ ΣΤΡΑΤΙΩΤΙΚΩΝ
Ἀνακοινοῦνται σήμερον

Κατὰ πᾶσαν πιθανότητα, σήμερον δημοσιεύονται καὶ τὰ διατάγματα τοῦ Στρατοδικείου πρὸς ἀνακοίνωσιν τῶν στρατιωτικῶν λειποτακτῶν.

Η ΚΑΤΑΔΙΩΞΙΣ ΤΟΥ «ΘΟΡΥΒΟΥ»
Συλλήψεις τοῦ κ. Παπαρηγοπούλου — Διατί κατεσχέθη

Ἀὶ χθεσιναὶ ἐνέργειαι τῆς εἰσαγγελικῆς ἀρχῆς κατὰ τοῦ ἐκδότου τῆς ἐφημερίδος «Ὁ Θόρυβος» κ. Παπαρηγοπούλου, διότι εἰς τὸ φύλλον τῆς προχθὲς ἐδημοσίευσε λίβελλον πρὸς τὴν κυβέρνησιν.

Τὴν δὲ χθὲς περὶ ὥραν 6 τῆς μ. μ. μετέβη ὁ ἀστυνόμος κ. Παλαμᾶς εἰς τὸ καφενεῖον τοῦ Ζαχαράτου καὶ συνέλαβε τὸν κ. Ἰωαννίδην τὸν γραμματέα τοῦ κ. Παπαρηγοπούλου.
